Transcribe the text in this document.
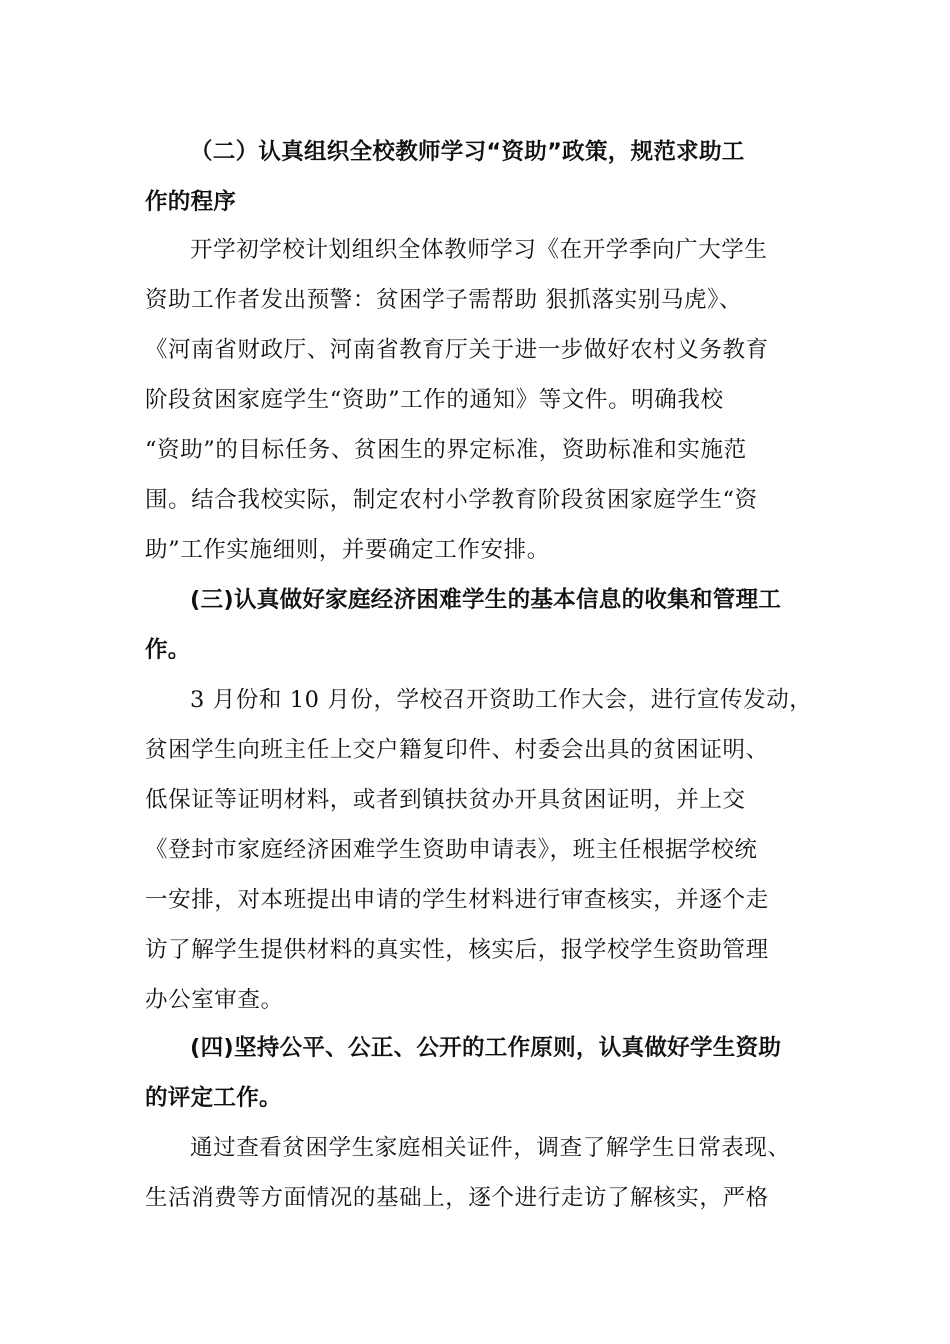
（二）认真组织全校教师学习“资助”政策，规范求助工

作的程序

开学初学校计划组织全体教师学习《在开学季向广大学生

资助工作者发出预警：贫困学子需帮助 狠抓落实别马虎》、

《河南省财政厅、河南省教育厅关于进一步做好农村义务教育

阶段贫困家庭学生“资助”工作的通知》等文件。明确我校

“资助”的目标任务、贫困生的界定标准，资助标准和实施范

围。结合我校实际，制定农村小学教育阶段贫困家庭学生“资

助”工作实施细则，并要确定工作安排。

(三)认真做好家庭经济困难学生的基本信息的收集和管理工

作。

3 月份和 10 月份，学校召开资助工作大会，进行宣传发动，

贫困学生向班主任上交户籍复印件、村委会出具的贫困证明、

低保证等证明材料，或者到镇扶贫办开具贫困证明，并上交

《登封市家庭经济困难学生资助申请表》，班主任根据学校统

一安排，对本班提出申请的学生材料进行审查核实，并逐个走

访了解学生提供材料的真实性，核实后，报学校学生资助管理

办公室审查。

(四)坚持公平、公正、公开的工作原则，认真做好学生资助

的评定工作。

通过查看贫困学生家庭相关证件，调查了解学生日常表现、

生活消费等方面情况的基础上，逐个进行走访了解核实，严格
